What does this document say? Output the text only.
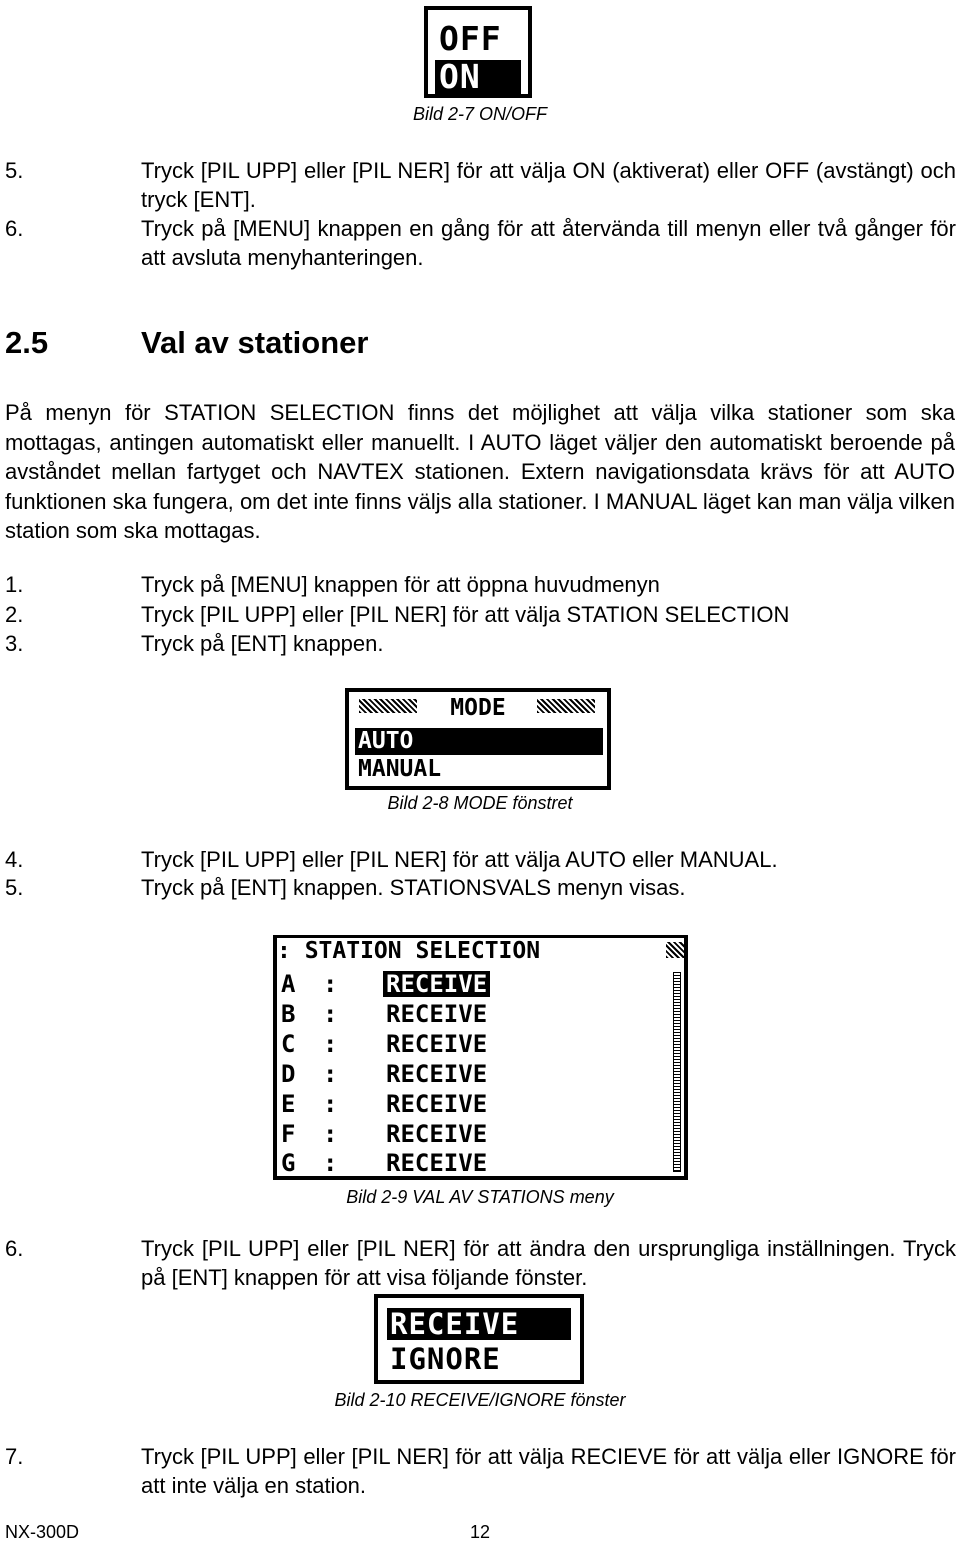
OFF
ON
Bild 2-7 ON/OFF
5.	Tryck [PIL UPP] eller [PIL NER] för att välja ON (aktiverat) eller OFF (avstängt) och tryck [ENT].
6.	Tryck på [MENU] knappen en gång för att återvända till menyn eller två gånger för att avsluta menyhanteringen.
2.5	Val av stationer
På menyn för STATION SELECTION finns det möjlighet att välja vilka stationer som ska mottagas, antingen automatiskt eller manuellt. I AUTO läget väljer den automatiskt beroende på avståndet mellan fartyget och NAVTEX stationen. Extern navigationsdata krävs för att AUTO funktionen ska fungera, om det inte finns väljs alla stationer. I MANUAL läget kan man välja vilken station som ska mottagas.
1.	Tryck på [MENU] knappen för att öppna huvudmenyn
2.	Tryck [PIL UPP] eller [PIL NER] för att välja STATION SELECTION
3.	Tryck på [ENT] knappen.
MODE
AUTO
MANUAL
Bild 2-8 MODE fönstret
4.	Tryck [PIL UPP] eller [PIL NER] för att välja AUTO eller MANUAL.
5.	Tryck på [ENT] knappen. STATIONSVALS menyn visas.
: STATION SELECTION
A	: RECEIVE
B	: RECEIVE
C	: RECEIVE
D	: RECEIVE
E	: RECEIVE
F	: RECEIVE
G	: RECEIVE
Bild 2-9 VAL AV STATIONS meny
6.	Tryck [PIL UPP] eller [PIL NER] för att ändra den ursprungliga inställningen. Tryck på [ENT] knappen för att visa följande fönster.
RECEIVE
IGNORE
Bild 2-10 RECEIVE/IGNORE fönster
7.	Tryck [PIL UPP] eller [PIL NER] för att välja RECIEVE för att välja eller IGNORE för att inte välja en station.
NX-300D	12
